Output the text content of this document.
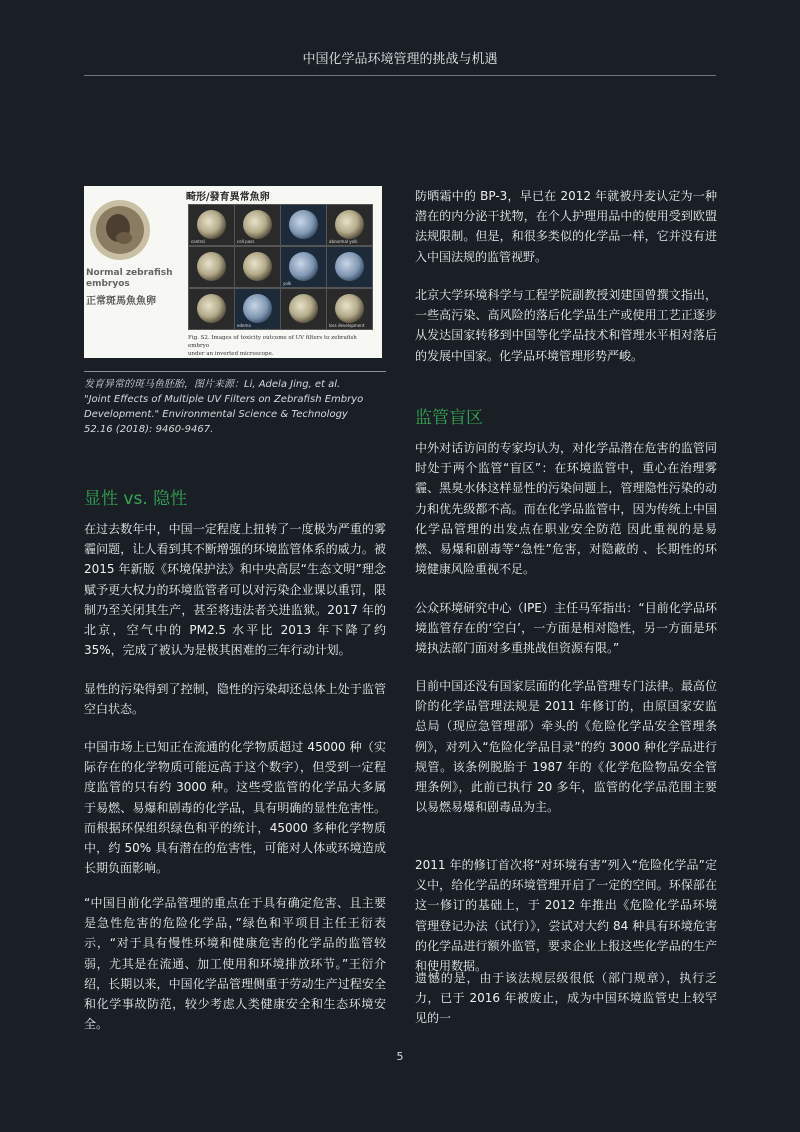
中国化学品环境管理的挑战与机遇
畸形/發育異常魚卵
Normal zebrafish
embryos
正常斑馬魚魚卵
control	cell pass	abnormal yolk
yolk
edema	loss development
Fig. S2. Images of toxicity outcome of UV filters to zebrafish embryo
under an inverted microscope.
发育异常的斑马鱼胚胎，图片来源：Li, Adela Jing, et al.
"Joint Effects of Multiple UV Filters on Zebrafish Embryo
Development." Environmental Science & Technology
52.16 (2018): 9460-9467.
显性 vs. 隐性

在过去数年中，中国一定程度上扭转了一度极为严重的雾霾问题，让人看到其不断增强的环境监管体系的威力。被 2015 年新版《环境保护法》和中央高层“生态文明”理念赋予更大权力的环境监管者可以对污染企业课以重罚，限制乃至关闭其生产，甚至将违法者关进监狱。2017 年的北京，空气中的 PM2.5 水平比 2013 年下降了约 35%，完成了被认为是极其困难的三年行动计划。

显性的污染得到了控制，隐性的污染却还总体上处于监管空白状态。

中国市场上已知正在流通的化学物质超过 45000 种（实际存在的化学物质可能远高于这个数字），但受到一定程度监管的只有约 3000 种。这些受监管的化学品大多属于易燃、易爆和剧毒的化学品，具有明确的显性危害性。而根据环保组织绿色和平的统计，45000 多种化学物质中，约 50% 具有潜在的危害性，可能对人体或环境造成长期负面影响。

“中国目前化学品管理的重点在于具有确定危害、且主要是急性危害的危险化学品，”绿色和平项目主任王衍表示，“对于具有慢性环境和健康危害的化学品的监管较弱，尤其是在流通、加工使用和环境排放环节。”王衍介绍，长期以来，中国化学品管理侧重于劳动生产过程安全和化学事故防范，较少考虑人类健康安全和生态环境安全。

防晒霜中的 BP-3，早已在 2012 年就被丹麦认定为一种潜在的内分泌干扰物，在个人护理用品中的使用受到欧盟法规限制。但是，和很多类似的化学品一样，它并没有进入中国法规的监管视野。

北京大学环境科学与工程学院副教授刘建国曾撰文指出，一些高污染、高风险的落后化学品生产或使用工艺正逐步从发达国家转移到中国等化学品技术和管理水平相对落后的发展中国家。化学品环境管理形势严峻。

监管盲区

中外对话访问的专家均认为，对化学品潜在危害的监管同时处于两个监管“盲区”：在环境监管中，重心在治理雾霾、黑臭水体这样显性的污染问题上，管理隐性污染的动力和优先级都不高。而在化学品监管中，因为传统上中国化学品管理的出发点在职业安全防范 因此重视的是易燃、易爆和剧毒等“急性”危害，对隐蔽的 、长期性的环境健康风险重视不足。

公众环境研究中心（IPE）主任马军指出：“目前化学品环境监管存在的‘空白’，一方面是相对隐性，另一方面是环境执法部门面对多重挑战但资源有限。”

目前中国还没有国家层面的化学品管理专门法律。最高位阶的化学品管理法规是 2011 年修订的，由原国家安监总局（现应急管理部）牵头的《危险化学品安全管理条例》，对列入“危险化学品目录”的约 3000 种化学品进行规管。该条例脱胎于 1987 年的《化学危险物品安全管理条例》，此前已执行 20 多年，监管的化学品范围主要以易燃易爆和剧毒品为主。

2011 年的修订首次将“对环境有害”列入“危险化学品”定义中，给化学品的环境管理开启了一定的空间。环保部在这一修订的基础上，于 2012 年推出《危险化学品环境管理登记办法（试行）》，尝试对大约 84 种具有环境危害的化学品进行额外监管，要求企业上报这些化学品的生产和使用数据。

遗憾的是，由于该法规层级很低（部门规章），执行乏力，已于 2016 年被废止，成为中国环境监管史上较罕见的一

5
